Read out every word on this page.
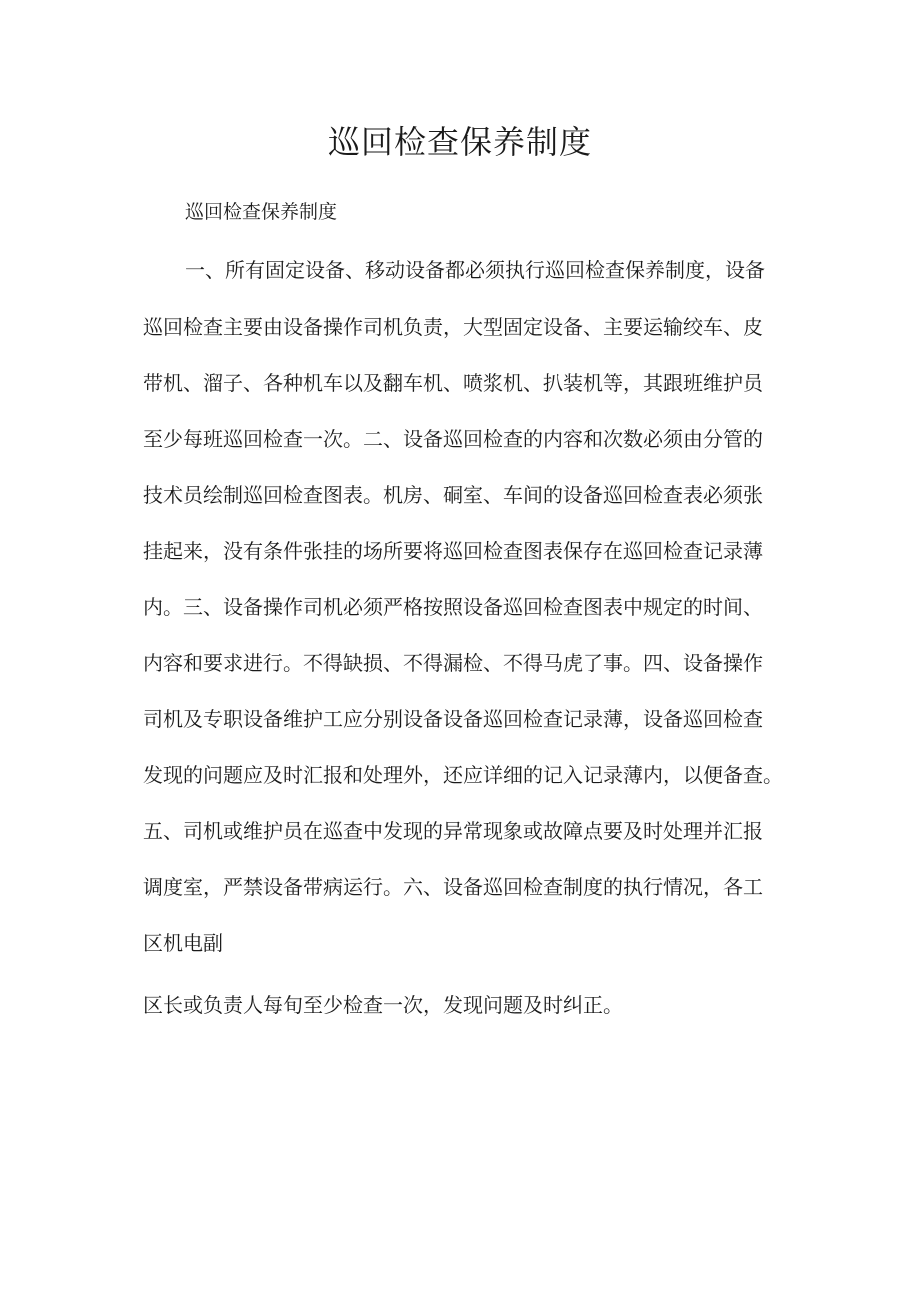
巡回检查保养制度

巡回检查保养制度

一、所有固定设备、移动设备都必须执行巡回检查保养制度，设备

巡回检查主要由设备操作司机负责，大型固定设备、主要运输绞车、皮

带机、溜子、各种机车以及翻车机、喷浆机、扒装机等，其跟班维护员

至少每班巡回检查一次。二、设备巡回检查的内容和次数必须由分管的

技术员绘制巡回检查图表。机房、硐室、车间的设备巡回检查表必须张

挂起来，没有条件张挂的场所要将巡回检查图表保存在巡回检查记录薄

内。三、设备操作司机必须严格按照设备巡回检查图表中规定的时间、

内容和要求进行。不得缺损、不得漏检、不得马虎了事。四、设备操作

司机及专职设备维护工应分别设备设备巡回检查记录薄，设备巡回检查

发现的问题应及时汇报和处理外，还应详细的记入记录薄内，以便备查。

五、司机或维护员在巡查中发现的异常现象或故障点要及时处理并汇报

调度室，严禁设备带病运行。六、设备巡回检查制度的执行情况，各工

区机电副

区长或负责人每旬至少检查一次，发现问题及时纠正。
